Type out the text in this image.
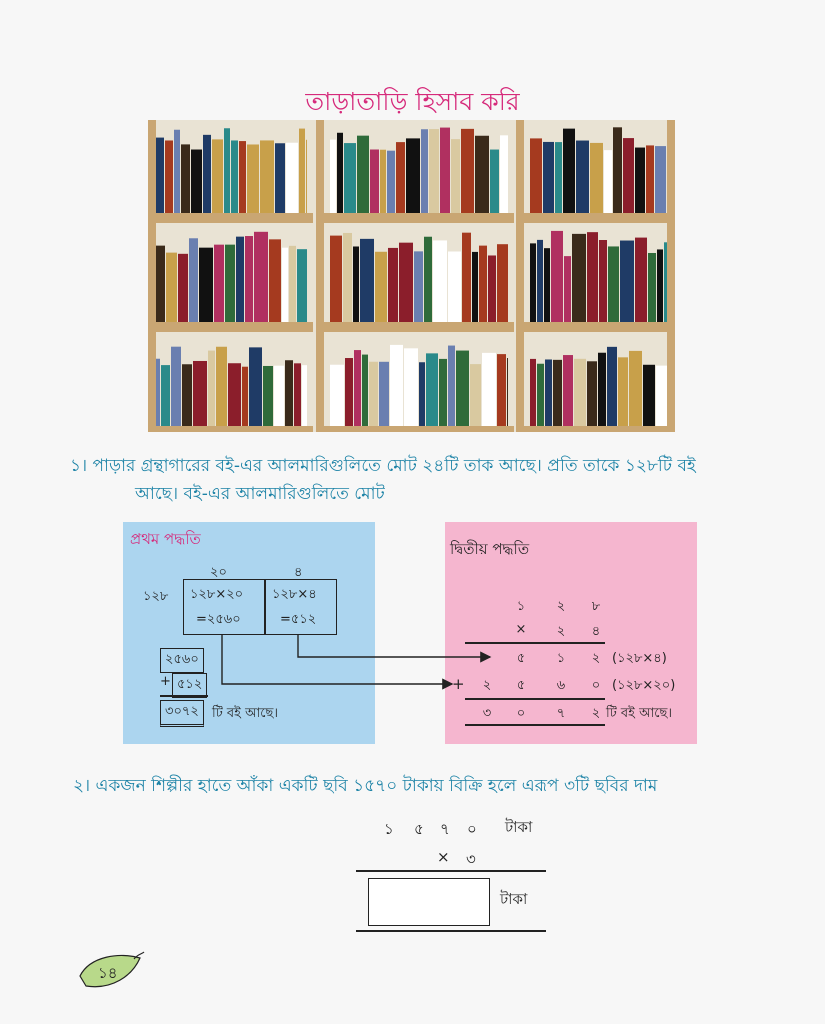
তাড়াতাড়ি হিসাব করি
১। পাড়ার গ্রন্থাগারের বই-এর আলমারিগুলিতে মোট ২৪টি তাক আছে। প্রতি তাকে ১২৮টি বই
আছে। বই-এর আলমারিগুলিতে মোট
প্রথম পদ্ধতি
২০	৪
১২৮ ১২৮×২০
=২৫৬০
১২৮×৪
=৫১২
২৫৬০
+ ৫১২
৩০৭২	টি বই আছে।
দ্বিতীয় পদ্ধতি
১	২	৮
×	২	৪
৫	১	২ (১২৮×৪)
+	২	৫	৬	০ (১২৮×২০)
৩	০	৭	২ টি বই আছে।
২। একজন শিল্পীর হাতে আঁকা একটি ছবি ১৫৭০ টাকায় বিক্রি হলে এরূপ ৩টি ছবির দাম
১ ৫ ৭ ০ টাকা
× ৩
টাকা
১৪
